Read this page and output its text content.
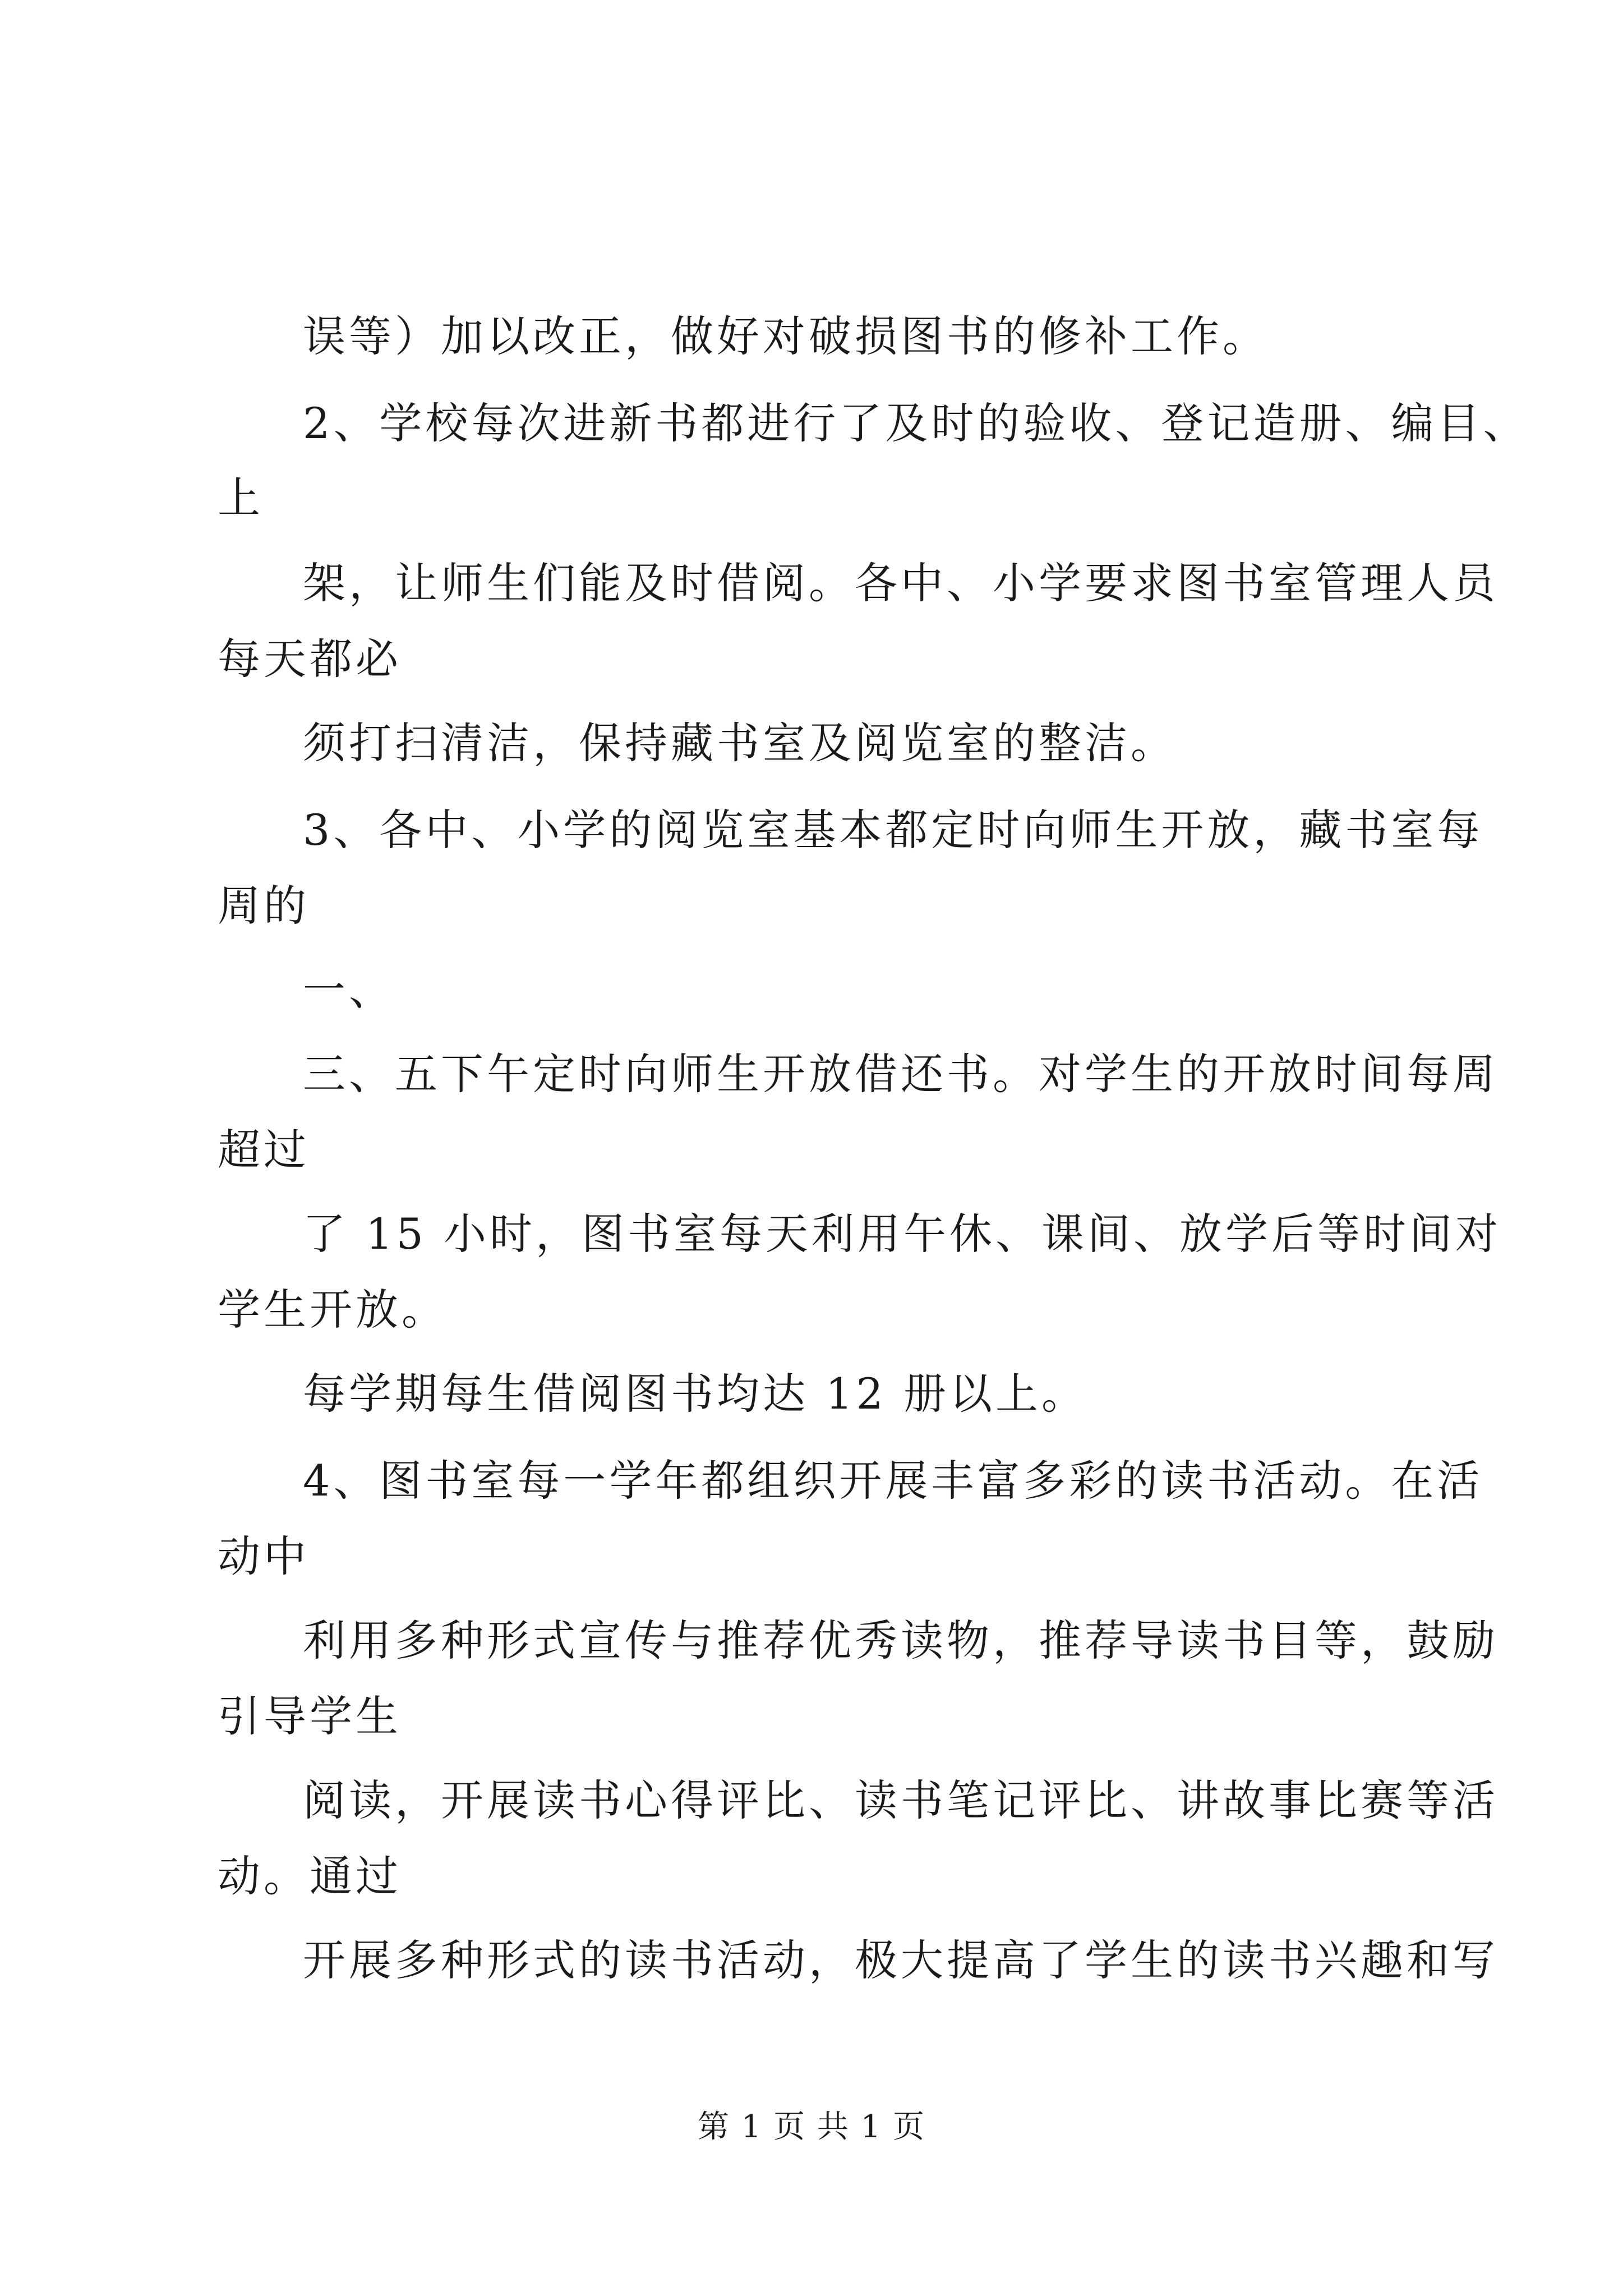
误等）加以改正，做好对破损图书的修补工作。
2、学校每次进新书都进行了及时的验收、登记造册、编目、
上
架，让师生们能及时借阅。各中、小学要求图书室管理人员
每天都必
须打扫清洁，保持藏书室及阅览室的整洁。
3、各中、小学的阅览室基本都定时向师生开放，藏书室每
周的
一、
三、五下午定时向师生开放借还书。对学生的开放时间每周
超过
了 15 小时，图书室每天利用午休、课间、放学后等时间对
学生开放。
每学期每生借阅图书均达 12 册以上。
4、图书室每一学年都组织开展丰富多彩的读书活动。在活
动中
利用多种形式宣传与推荐优秀读物，推荐导读书目等，鼓励
引导学生
阅读，开展读书心得评比、读书笔记评比、讲故事比赛等活
动。通过
开展多种形式的读书活动，极大提高了学生的读书兴趣和写
第 1 页 共 1 页
